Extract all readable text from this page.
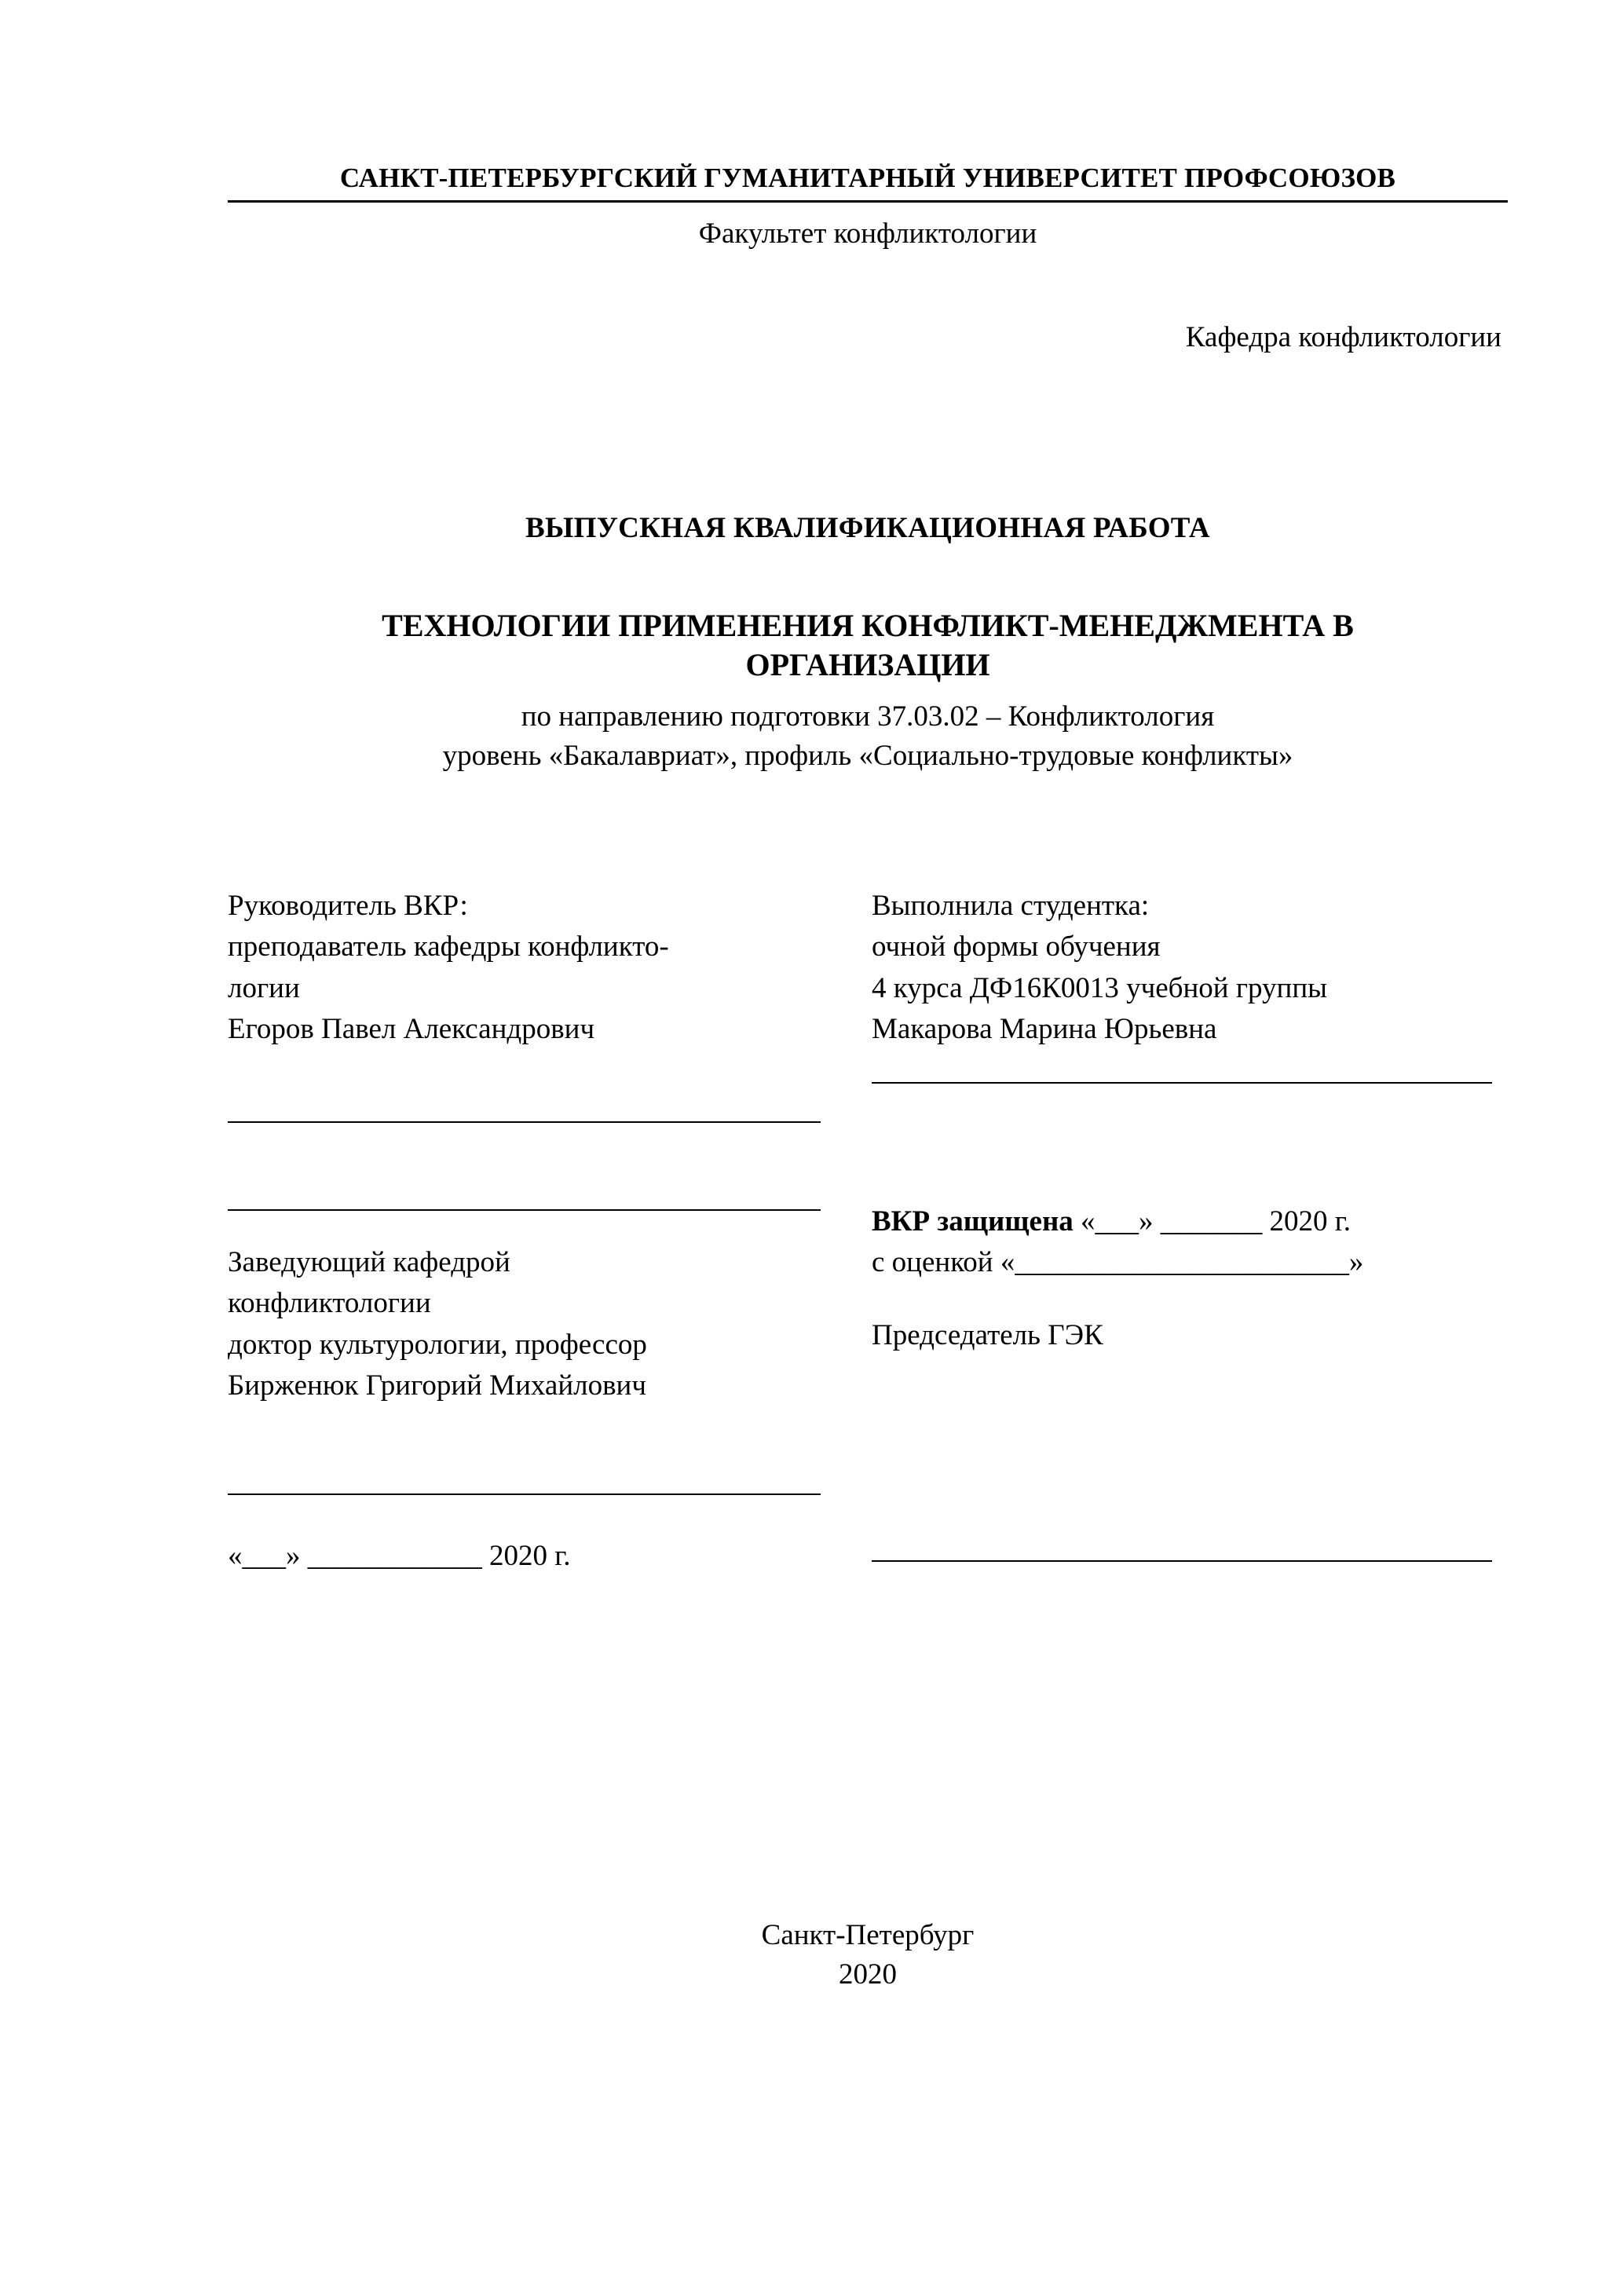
САНКТ-ПЕТЕРБУРГСКИЙ ГУМАНИТАРНЫЙ УНИВЕРСИТЕТ ПРОФСОЮЗОВ
Факультет конфликтологии
Кафедра конфликтологии
ВЫПУСКНАЯ КВАЛИФИКАЦИОННАЯ РАБОТА
ТЕХНОЛОГИИ ПРИМЕНЕНИЯ КОНФЛИКТ-МЕНЕДЖМЕНТА В ОРГАНИЗАЦИИ
по направлению подготовки 37.03.02 – Конфликтология
уровень «Бакалавриат», профиль «Социально-трудовые конфликты»
Руководитель ВКР:
преподаватель кафедры конфликто-
логии
Егоров Павел Александрович
Заведующий кафедрой
конфликтологии
доктор культурологии, профессор
Бирженюк Григорий Михайлович
«___» ____________ 2020 г.
Выполнила студентка:
очной формы обучения
4 курса ДФ16К0013 учебной группы
Макарова Марина Юрьевна
ВКР защищена «___» _______ 2020 г.
с оценкой «_______________________»
Председатель ГЭК
Санкт-Петербург
2020
